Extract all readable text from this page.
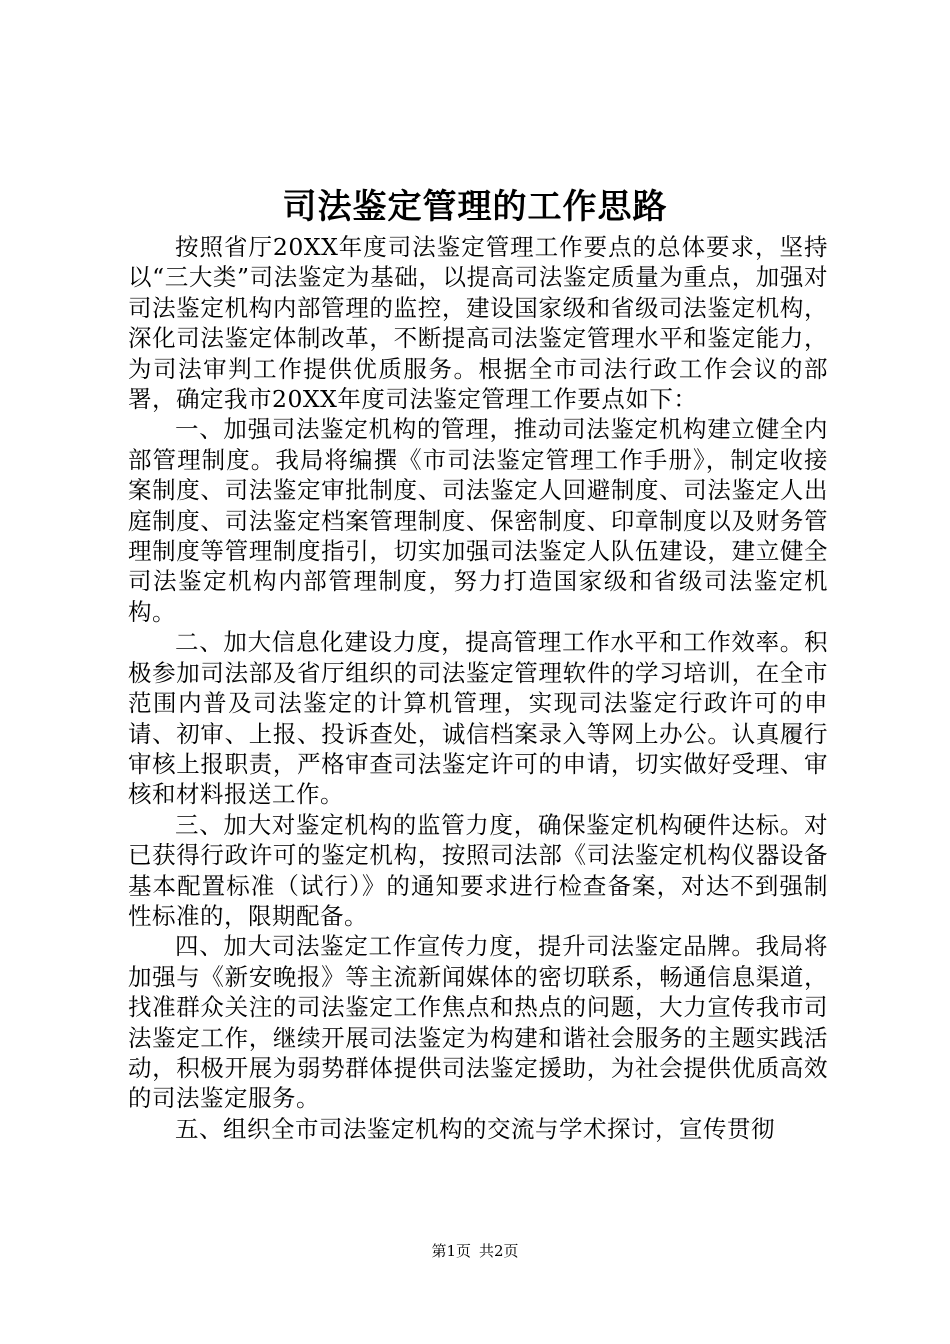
司法鉴定管理的工作思路

按照省厅20XX年度司法鉴定管理工作要点的总体要求，坚持以“三大类”司法鉴定为基础，以提高司法鉴定质量为重点，加强对司法鉴定机构内部管理的监控，建设国家级和省级司法鉴定机构，深化司法鉴定体制改革，不断提高司法鉴定管理水平和鉴定能力，为司法审判工作提供优质服务。根据全市司法行政工作会议的部署，确定我市20XX年度司法鉴定管理工作要点如下：

一、加强司法鉴定机构的管理，推动司法鉴定机构建立健全内部管理制度。我局将编撰《市司法鉴定管理工作手册》，制定收接案制度、司法鉴定审批制度、司法鉴定人回避制度、司法鉴定人出庭制度、司法鉴定档案管理制度、保密制度、印章制度以及财务管理制度等管理制度指引，切实加强司法鉴定人队伍建设，建立健全司法鉴定机构内部管理制度，努力打造国家级和省级司法鉴定机构。

二、加大信息化建设力度，提高管理工作水平和工作效率。积极参加司法部及省厅组织的司法鉴定管理软件的学习培训，在全市范围内普及司法鉴定的计算机管理，实现司法鉴定行政许可的申请、初审、上报、投诉查处，诚信档案录入等网上办公。认真履行审核上报职责，严格审查司法鉴定许可的申请，切实做好受理、审核和材料报送工作。

三、加大对鉴定机构的监管力度，确保鉴定机构硬件达标。对已获得行政许可的鉴定机构，按照司法部《司法鉴定机构仪器设备基本配置标准（试行）》的通知要求进行检查备案，对达不到强制性标准的，限期配备。

四、加大司法鉴定工作宣传力度，提升司法鉴定品牌。我局将加强与《新安晚报》等主流新闻媒体的密切联系，畅通信息渠道，找准群众关注的司法鉴定工作焦点和热点的问题，大力宣传我市司法鉴定工作，继续开展司法鉴定为构建和谐社会服务的主题实践活动，积极开展为弱势群体提供司法鉴定援助，为社会提供优质高效的司法鉴定服务。

五、组织全市司法鉴定机构的交流与学术探讨，宣传贯彻

第1页 共2页
